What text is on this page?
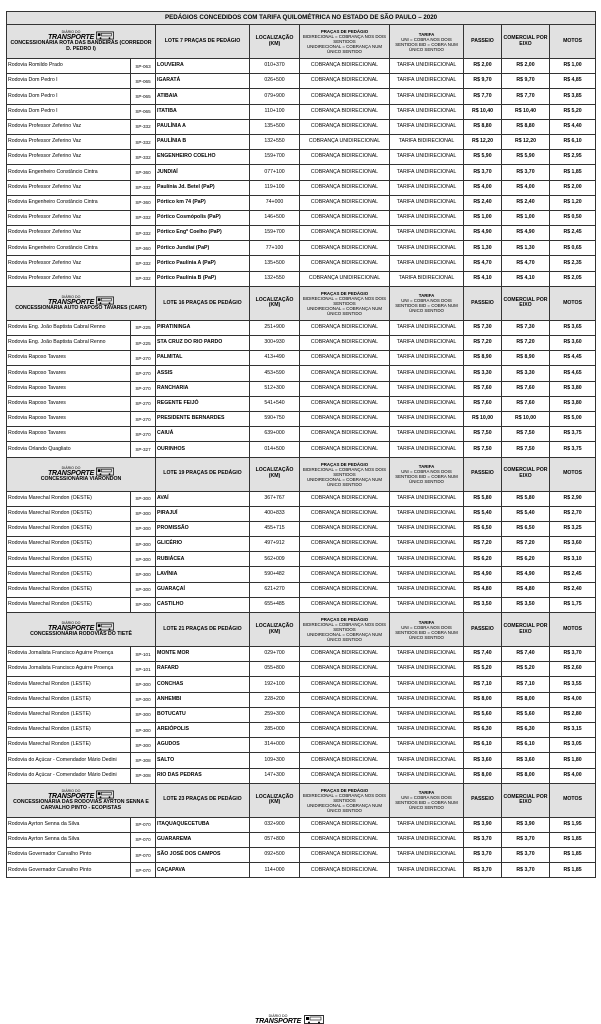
PEDÁGIOS CONCEDIDOS COM TARIFA QUILOMÉTRICA NO ESTADO DE SÃO PAULO – 2020								

DIÁRIO DO
TRANSPORTE
CONCESSIONÁRIA ROTA DAS BANDEIRAS (CORREDOR D. PEDRO I)		LOTE 7 PRAÇAS DE PEDÁGIO	LOCALIZAÇÃO (KM)	PRAÇAS DE PEDÁGIO
BIDIRECIONAL = COBRANÇA NOS DOIS SENTIDOS
UNIDIRECIONAL = COBRANÇA NUM ÚNICO SENTIDO	TARIFA
UNI = COBRA NOS DOIS SENTIDOS BID = COBRA NUM ÚNICO SENTIDO	PASSEIO	COMERCIAL POR EIXO	MOTOS
Rodovia Romildo Prado	SP-063	LOUVEIRA	010+370	COBRANÇA BIDIRECIONAL	TARIFA UNIDIRECIONAL	R$ 2,00	R$ 2,00	R$ 1,00
Rodovia Dom Pedro I	SP-065	IGARATÁ	026+500	COBRANÇA BIDIRECIONAL	TARIFA UNIDIRECIONAL	R$ 9,70	R$ 9,70	R$ 4,85
Rodovia Dom Pedro I	SP-065	ATIBAIA	079+900	COBRANÇA BIDIRECIONAL	TARIFA UNIDIRECIONAL	R$ 7,70	R$ 7,70	R$ 3,85
Rodovia Dom Pedro I	SP-065	ITATIBA	110+100	COBRANÇA BIDIRECIONAL	TARIFA UNIDIRECIONAL	R$ 10,40	R$ 10,40	R$ 5,20
Rodovia Professor Zeferino Vaz	SP-332	PAULÍNIA A	135+500	COBRANÇA BIDIRECIONAL	TARIFA UNIDIRECIONAL	R$ 8,80	R$ 8,80	R$ 4,40
Rodovia Professor Zeferino Vaz	SP-332	PAULÍNIA B	132+550	COBRANÇA UNIDIRECIONAL	TARIFA BIDIRECIONAL	R$ 12,20	R$ 12,20	R$ 6,10
Rodovia Professor Zeferino Vaz	SP-332	ENGENHEIRO COELHO	159+700	COBRANÇA BIDIRECIONAL	TARIFA UNIDIRECIONAL	R$ 5,90	R$ 5,90	R$ 2,95
Rodovia Engenheiro Constâncio Cintra	SP-360	JUNDIAÍ	077+100	COBRANÇA BIDIRECIONAL	TARIFA UNIDIRECIONAL	R$ 3,70	R$ 3,70	R$ 1,85
Rodovia Professor Zeferino Vaz	SP-332	Paulínia Jd. Betel (PaP)	119+100	COBRANÇA BIDIRECIONAL	TARIFA UNIDIRECIONAL	R$ 4,00	R$ 4,00	R$ 2,00
Rodovia Engenheiro Constâncio Cintra	SP-360	Pórtico km 74 (PaP)	74+000	COBRANÇA BIDIRECIONAL	TARIFA UNIDIRECIONAL	R$ 2,40	R$ 2,40	R$ 1,20
Rodovia Professor Zeferino Vaz	SP-332	Pórtico Cosmópolis (PaP)	146+500	COBRANÇA BIDIRECIONAL	TARIFA UNIDIRECIONAL	R$ 1,00	R$ 1,00	R$ 0,50
Rodovia Professor Zeferino Vaz	SP-332	Pórtico Engº Coelho (PaP)	159+700	COBRANÇA BIDIRECIONAL	TARIFA UNIDIRECIONAL	R$ 4,90	R$ 4,90	R$ 2,45
Rodovia Engenheiro Constâncio Cintra	SP-360	Pórtico Jundiaí (PaP)	77+100	COBRANÇA BIDIRECIONAL	TARIFA UNIDIRECIONAL	R$ 1,30	R$ 1,30	R$ 0,65
Rodovia Professor Zeferino Vaz	SP-332	Pórtico Paulínia A (PaP)	135+500	COBRANÇA BIDIRECIONAL	TARIFA UNIDIRECIONAL	R$ 4,70	R$ 4,70	R$ 2,35
Rodovia Professor Zeferino Vaz	SP-332	Pórtico Paulínia B (PaP)	132+550	COBRANÇA UNIDIRECIONAL	TARIFA BIDIRECIONAL	R$ 4,10	R$ 4,10	R$ 2,05

DIÁRIO DO
TRANSPORTE
CONCESSIONÁRIA AUTO RAPOSO TAVARES (CART)		LOTE 16 PRAÇAS DE PEDÁGIO	LOCALIZAÇÃO (KM)	PRAÇAS DE PEDÁGIO
BIDIRECIONAL = COBRANÇA NOS DOIS SENTIDOS
UNIDIRECIONAL = COBRANÇA NUM ÚNICO SENTIDO	TARIFA
UNI = COBRA NOS DOIS SENTIDOS BID = COBRA NUM ÚNICO SENTIDO	PASSEIO	COMERCIAL POR EIXO	MOTOS
Rodovia Eng. João Baptista Cabral Renno	SP-225	PIRATININGA	251+900	COBRANÇA BIDIRECIONAL	TARIFA UNIDIRECIONAL	R$ 7,30	R$ 7,30	R$ 3,65
Rodovia Eng. João Baptista Cabral Renno	SP-225	STA CRUZ DO RIO PARDO	300+930	COBRANÇA BIDIRECIONAL	TARIFA UNIDIRECIONAL	R$ 7,20	R$ 7,20	R$ 3,60
Rodovia Raposo Tavares	SP-270	PALMITAL	413+490	COBRANÇA BIDIRECIONAL	TARIFA UNIDIRECIONAL	R$ 8,90	R$ 8,90	R$ 4,45
Rodovia Raposo Tavares	SP-270	ASSIS	453+590	COBRANÇA BIDIRECIONAL	TARIFA UNIDIRECIONAL	R$ 3,30	R$ 3,30	R$ 4,65
Rodovia Raposo Tavares	SP-270	RANCHARIA	512+300	COBRANÇA BIDIRECIONAL	TARIFA UNIDIRECIONAL	R$ 7,60	R$ 7,60	R$ 3,80
Rodovia Raposo Tavares	SP-270	REGENTE FEIJÓ	541+540	COBRANÇA BIDIRECIONAL	TARIFA UNIDIRECIONAL	R$ 7,60	R$ 7,60	R$ 3,80
Rodovia Raposo Tavares	SP-270	PRESIDENTE BERNARDES	590+750	COBRANÇA BIDIRECIONAL	TARIFA UNIDIRECIONAL	R$ 10,00	R$ 10,00	R$ 5,00
Rodovia Raposo Tavares	SP-270	CAIUÁ	639+000	COBRANÇA BIDIRECIONAL	TARIFA UNIDIRECIONAL	R$ 7,50	R$ 7,50	R$ 3,75
Rodovia Orlando Quagliato	SP-327	OURINHOS	014+500	COBRANÇA BIDIRECIONAL	TARIFA UNIDIRECIONAL	R$ 7,50	R$ 7,50	R$ 3,75

DIÁRIO DO
TRANSPORTE
CONCESSIONÁRIA VIARONDON		LOTE 19 PRAÇAS DE PEDÁGIO	LOCALIZAÇÃO (KM)	PRAÇAS DE PEDÁGIO
BIDIRECIONAL = COBRANÇA NOS DOIS SENTIDOS
UNIDIRECIONAL = COBRANÇA NUM ÚNICO SENTIDO	TARIFA
UNI = COBRA NOS DOIS SENTIDOS BID = COBRA NUM ÚNICO SENTIDO	PASSEIO	COMERCIAL POR EIXO	MOTOS
Rodovia Marechal Rondon (OESTE)	SP-300	AVAÍ	367+767	COBRANÇA BIDIRECIONAL	TARIFA UNIDIRECIONAL	R$ 5,80	R$ 5,80	R$ 2,90
Rodovia Marechal Rondon (OESTE)	SP-300	PIRAJUÍ	400+833	COBRANÇA BIDIRECIONAL	TARIFA UNIDIRECIONAL	R$ 5,40	R$ 5,40	R$ 2,70
Rodovia Marechal Rondon (OESTE)	SP-300	PROMISSÃO	455+715	COBRANÇA BIDIRECIONAL	TARIFA UNIDIRECIONAL	R$ 6,50	R$ 6,50	R$ 3,25
Rodovia Marechal Rondon (OESTE)	SP-300	GLICÉRIO	497+912	COBRANÇA BIDIRECIONAL	TARIFA UNIDIRECIONAL	R$ 7,20	R$ 7,20	R$ 3,60
Rodovia Marechal Rondon (OESTE)	SP-300	RUBIÁCEA	562+009	COBRANÇA BIDIRECIONAL	TARIFA UNIDIRECIONAL	R$ 6,20	R$ 6,20	R$ 3,10
Rodovia Marechal Rondon (OESTE)	SP-300	LAVÍNIA	590+482	COBRANÇA BIDIRECIONAL	TARIFA UNIDIRECIONAL	R$ 4,90	R$ 4,90	R$ 2,45
Rodovia Marechal Rondon (OESTE)	SP-300	GUARAÇAÍ	621+270	COBRANÇA BIDIRECIONAL	TARIFA UNIDIRECIONAL	R$ 4,80	R$ 4,80	R$ 2,40
Rodovia Marechal Rondon (OESTE)	SP-300	CASTILHO	655+485	COBRANÇA BIDIRECIONAL	TARIFA UNIDIRECIONAL	R$ 3,50	R$ 3,50	R$ 1,75

DIÁRIO DO
TRANSPORTE
CONCESSIONÁRIA RODOVIAS DO TIETÊ		LOTE 21 PRAÇAS DE PEDÁGIO	LOCALIZAÇÃO (KM)	PRAÇAS DE PEDÁGIO
BIDIRECIONAL = COBRANÇA NOS DOIS SENTIDOS
UNIDIRECIONAL = COBRANÇA NUM ÚNICO SENTIDO	TARIFA
UNI = COBRA NOS DOIS SENTIDOS BID = COBRA NUM ÚNICO SENTIDO	PASSEIO	COMERCIAL POR EIXO	MOTOS
Rodovia Jornalista Francisco Aguirre Proença	SP-101	MONTE MOR	029+700	COBRANÇA BIDIRECIONAL	TARIFA UNIDIRECIONAL	R$ 7,40	R$ 7,40	R$ 3,70
Rodovia Jornalista Francisco Aguirre Proença	SP-101	RAFARD	055+800	COBRANÇA BIDIRECIONAL	TARIFA UNIDIRECIONAL	R$ 5,20	R$ 5,20	R$ 2,60
Rodovia Marechal Rondon (LESTE)	SP-300	CONCHAS	192+100	COBRANÇA BIDIRECIONAL	TARIFA UNIDIRECIONAL	R$ 7,10	R$ 7,10	R$ 3,55
Rodovia Marechal Rondon (LESTE)	SP-300	ANHEMBI	228+200	COBRANÇA BIDIRECIONAL	TARIFA UNIDIRECIONAL	R$ 8,00	R$ 8,00	R$ 4,00
Rodovia Marechal Rondon (LESTE)	SP-300	BOTUCATU	259+300	COBRANÇA BIDIRECIONAL	TARIFA UNIDIRECIONAL	R$ 5,60	R$ 5,60	R$ 2,80
Rodovia Marechal Rondon (LESTE)	SP-300	AREIÓPOLIS	285+000	COBRANÇA BIDIRECIONAL	TARIFA UNIDIRECIONAL	R$ 6,30	R$ 6,30	R$ 3,15
Rodovia Marechal Rondon (LESTE)	SP-300	AGUDOS	314+000	COBRANÇA BIDIRECIONAL	TARIFA UNIDIRECIONAL	R$ 6,10	R$ 6,10	R$ 3,05
Rodovia do Açúcar - Comendador Mário Dedini	SP-308	SALTO	109+300	COBRANÇA BIDIRECIONAL	TARIFA UNIDIRECIONAL	R$ 3,60	R$ 3,60	R$ 1,80
Rodovia do Açúcar - Comendador Mário Dedini	SP-308	RIO DAS PEDRAS	147+300	COBRANÇA BIDIRECIONAL	TARIFA UNIDIRECIONAL	R$ 8,00	R$ 8,00	R$ 4,00

DIÁRIO DO
TRANSPORTE
CONCESSIONÁRIA DAS RODOVIAS AYRTON SENNA E CARVALHO PINTO - ECOPISTAS		LOTE 23 PRAÇAS DE PEDÁGIO	LOCALIZAÇÃO (KM)	PRAÇAS DE PEDÁGIO
BIDIRECIONAL = COBRANÇA NOS DOIS SENTIDOS
UNIDIRECIONAL = COBRANÇA NUM ÚNICO SENTIDO	TARIFA
UNI = COBRA NOS DOIS SENTIDOS BID = COBRA NUM ÚNICO SENTIDO	PASSEIO	COMERCIAL POR EIXO	MOTOS
Rodovia Ayrton Senna da Silva	SP-070	ITAQUAQUECETUBA	032+900	COBRANÇA BIDIRECIONAL	TARIFA UNIDIRECIONAL	R$ 3,90	R$ 3,90	R$ 1,95
Rodovia Ayrton Senna da Silva	SP-070	GUARAREMA	057+800	COBRANÇA BIDIRECIONAL	TARIFA UNIDIRECIONAL	R$ 3,70	R$ 3,70	R$ 1,85
Rodovia Governador Carvalho Pinto	SP-070	SÃO JOSÉ DOS CAMPOS	092+500	COBRANÇA BIDIRECIONAL	TARIFA UNIDIRECIONAL	R$ 3,70	R$ 3,70	R$ 1,85
Rodovia Governador Carvalho Pinto	SP-070	CAÇAPAVA	114+000	COBRANÇA BIDIRECIONAL	TARIFA UNIDIRECIONAL	R$ 3,70	R$ 3,70	R$ 1,85
DIÁRIO DO
TRANSPORTE
